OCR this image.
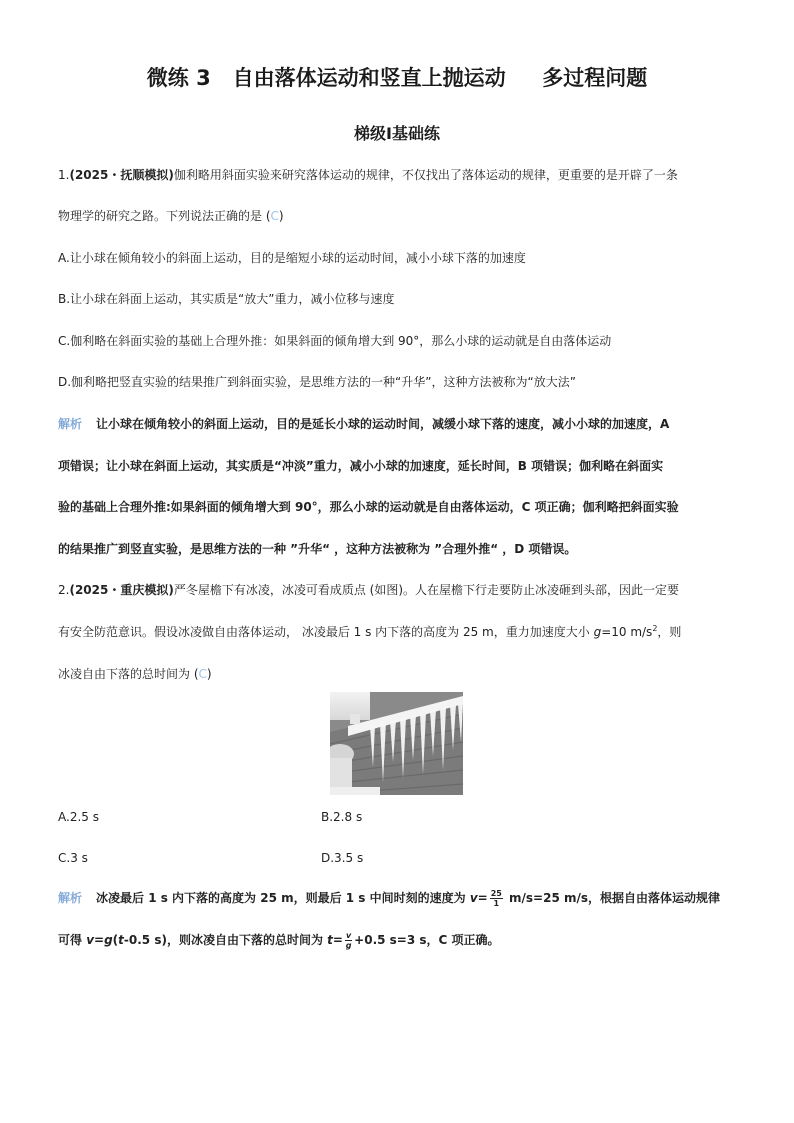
微练 3   自由落体运动和竖直上抛运动     多过程问题
梯级Ⅰ基础练
1.(2025・抚顺模拟)伽利略用斜面实验来研究落体运动的规律，不仅找出了落体运动的规律，更重要的是开辟了一条
物理学的研究之路。下列说法正确的是 (C)
A.让小球在倾角较小的斜面上运动，目的是缩短小球的运动时间，减小小球下落的加速度
B.让小球在斜面上运动，其实质是“放大”重力，减小位移与速度
C.伽利略在斜面实验的基础上合理外推：如果斜面的倾角增大到 90°，那么小球的运动就是自由落体运动
D.伽利略把竖直实验的结果推广到斜面实验，是思维方法的一种“升华”，这种方法被称为“放大法”
解析 让小球在倾角较小的斜面上运动，目的是延长小球的运动时间，减缓小球下落的速度，减小小球的加速度，A
项错误；让小球在斜面上运动，其实质是“冲淡”重力，减小小球的加速度，延长时间，B 项错误；伽利略在斜面实
验的基础上合理外推:如果斜面的倾角增大到 90°，那么小球的运动就是自由落体运动，C 项正确；伽利略把斜面实验
的结果推广到竖直实验，是思维方法的一种 ”升华“ ，这种方法被称为 ”合理外推“ ，D 项错误。
2.(2025・重庆模拟)严冬屋檐下有冰凌，冰凌可看成质点 (如图)。人在屋檐下行走要防止冰凌砸到头部，因此一定要
有安全防范意识。假设冰凌做自由落体运动， 冰凌最后 1 s 内下落的高度为 25 m，重力加速度大小 g=10 $m/s^2$，则
冰凌自由下落的总时间为 (C)
A.2.5 s	B.2.8 s
C.3 s	D.3.5 s
解析 冰凌最后 1 s 内下落的高度为 25 m，则最后 1 s 中间时刻的速度为 $v= \frac{25}{1} m/s=25$ m/s，根据自由落体运动规律
可得 v=g(t-0.5 s)，则冰凌自由下落的总时间为 $t= \frac{v}{g} +0.5$ s=3 s，C 项正确。
